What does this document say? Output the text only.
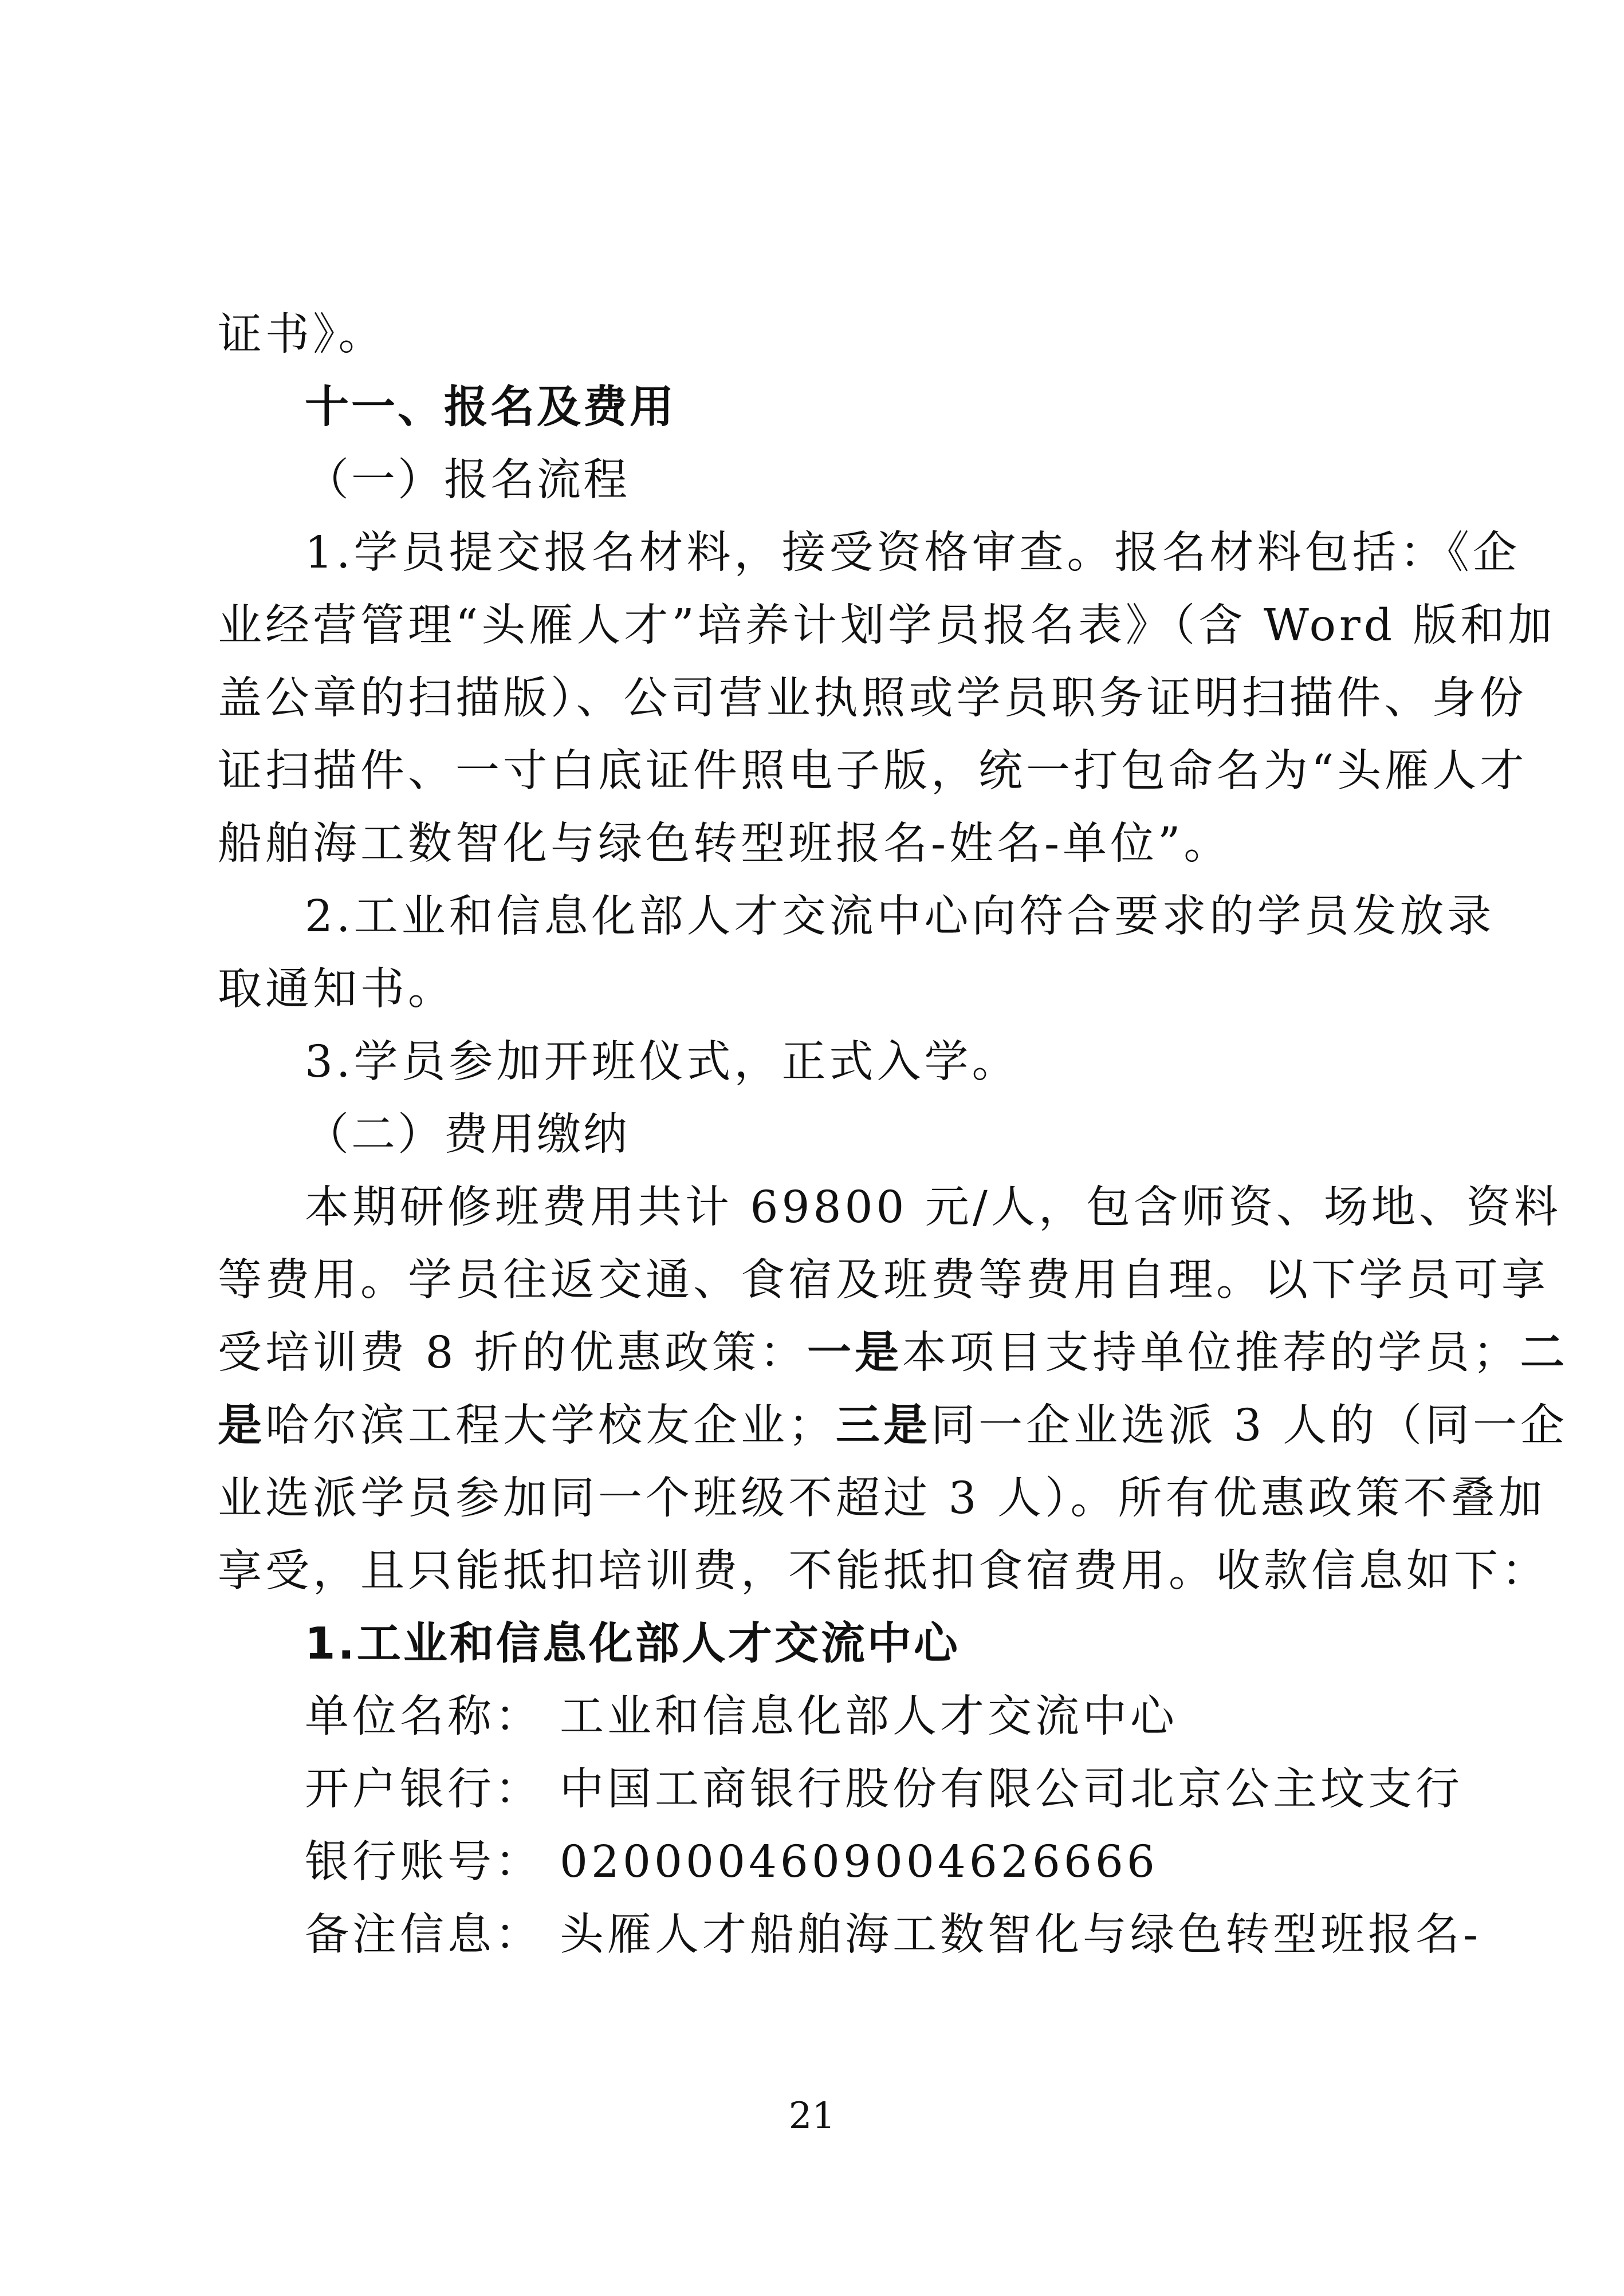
证书》。
十一、报名及费用
（一）报名流程
1.学员提交报名材料，接受资格审查。报名材料包括：《企
业经营管理“头雁人才”培养计划学员报名表》（含 Word 版和加
盖公章的扫描版）、公司营业执照或学员职务证明扫描件、身份
证扫描件、一寸白底证件照电子版，统一打包命名为“头雁人才
船舶海工数智化与绿色转型班报名-姓名-单位”。
2.工业和信息化部人才交流中心向符合要求的学员发放录
取通知书。
3.学员参加开班仪式，正式入学。
（二）费用缴纳
本期研修班费用共计 69800 元/人，包含师资、场地、资料
等费用。学员往返交通、食宿及班费等费用自理。以下学员可享
受培训费 8 折的优惠政策：一是本项目支持单位推荐的学员；二
是哈尔滨工程大学校友企业；三是同一企业选派 3 人的（同一企
业选派学员参加同一个班级不超过 3 人）。所有优惠政策不叠加
享受，且只能抵扣培训费，不能抵扣食宿费用。收款信息如下：
1.工业和信息化部人才交流中心
单位名称： 工业和信息化部人才交流中心
开户银行： 中国工商银行股份有限公司北京公主坟支行
银行账号： 0200004609004626666
备注信息： 头雁人才船舶海工数智化与绿色转型班报名-
21
